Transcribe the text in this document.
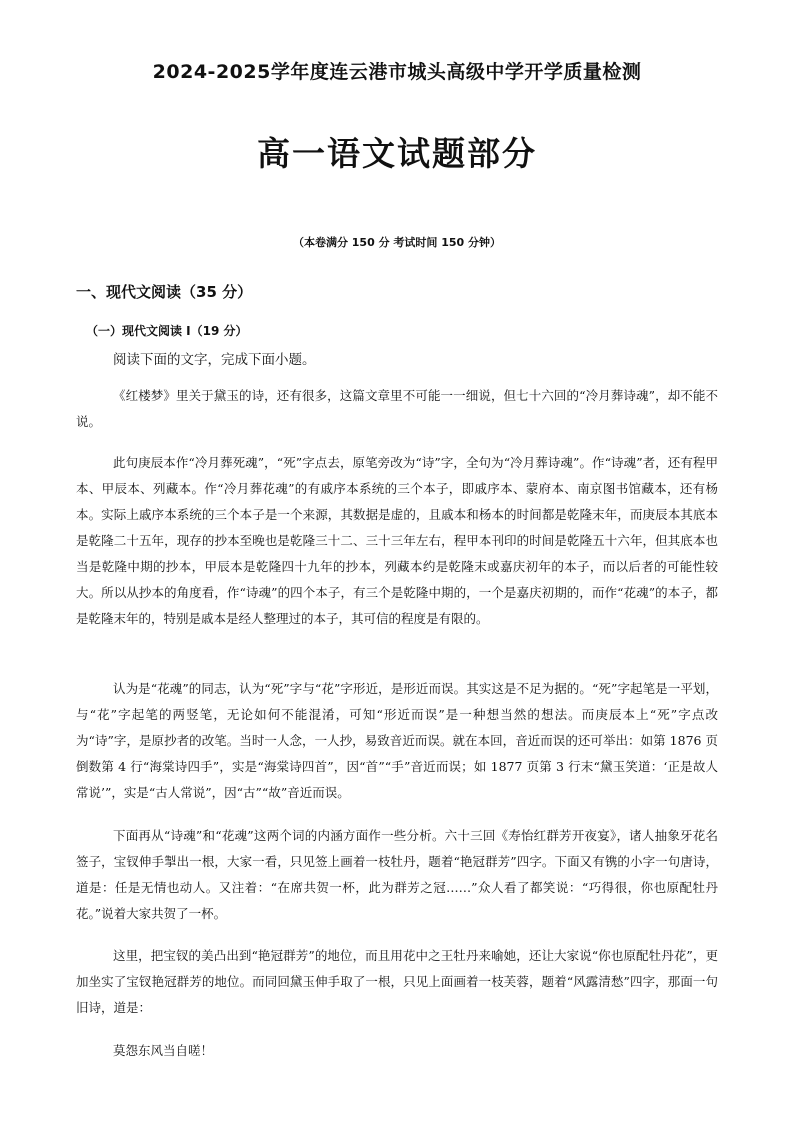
2024-2025学年度连云港市城头高级中学开学质量检测
高一语文试题部分
（本卷满分 150 分 考试时间 150 分钟）
一、现代文阅读（35 分）
（一）现代文阅读 I（19 分）
阅读下面的文字，完成下面小题。

《红楼梦》里关于黛玉的诗，还有很多，这篇文章里不可能一一细说，但七十六回的“冷月葬诗魂”，却不能不说。

此句庚辰本作“冷月葬死魂”，“死”字点去，原笔旁改为“诗”字，全句为“冷月葬诗魂”。作“诗魂”者，还有程甲本、甲辰本、列藏本。作“冷月葬花魂”的有戚序本系统的三个本子，即戚序本、蒙府本、南京图书馆藏本，还有杨本。实际上戚序本系统的三个本子是一个来源，其数据是虚的，且戚本和杨本的时间都是乾隆末年，而庚辰本其底本是乾隆二十五年，现存的抄本至晚也是乾隆三十二、三十三年左右，程甲本刊印的时间是乾隆五十六年，但其底本也当是乾隆中期的抄本，甲辰本是乾隆四十九年的抄本，列藏本约是乾隆末或嘉庆初年的本子，而以后者的可能性较大。所以从抄本的角度看，作“诗魂”的四个本子，有三个是乾隆中期的，一个是嘉庆初期的，而作“花魂”的本子，都是乾隆末年的，特别是戚本是经人整理过的本子，其可信的程度是有限的。

认为是“花魂”的同志，认为“死”字与“花”字形近，是形近而误。其实这是不足为据的。“死”字起笔是一平划，与“花”字起笔的两竖笔，无论如何不能混淆，可知“形近而误”是一种想当然的想法。而庚辰本上“死”字点改为“诗”字，是原抄者的改笔。当时一人念，一人抄，易致音近而误。就在本回，音近而误的还可举出：如第 1876 页倒数第 4 行“海棠诗四手”，实是“海棠诗四首”，因“首”“手”音近而误；如 1877 页第 3 行末“黛玉笑道：‘正是故人常说’”，实是“古人常说”，因“古”“故”音近而误。

下面再从“诗魂”和“花魂”这两个词的内涵方面作一些分析。六十三回《寿怡红群芳开夜宴》，诸人抽象牙花名签子，宝钗伸手掣出一根，大家一看，只见签上画着一枝牡丹，题着“艳冠群芳”四字。下面又有镌的小字一句唐诗，道是：任是无情也动人。又注着：“在席共贺一杯，此为群芳之冠……”众人看了都笑说：“巧得很，你也原配牡丹花。”说着大家共贺了一杯。

这里，把宝钗的美凸出到“艳冠群芳”的地位，而且用花中之王牡丹来喻她，还让大家说“你也原配牡丹花”，更加坐实了宝钗艳冠群芳的地位。而同回黛玉伸手取了一根，只见上面画着一枝芙蓉，题着“风露清愁”四字，那面一句旧诗，道是：

莫怨东风当自嗟！
